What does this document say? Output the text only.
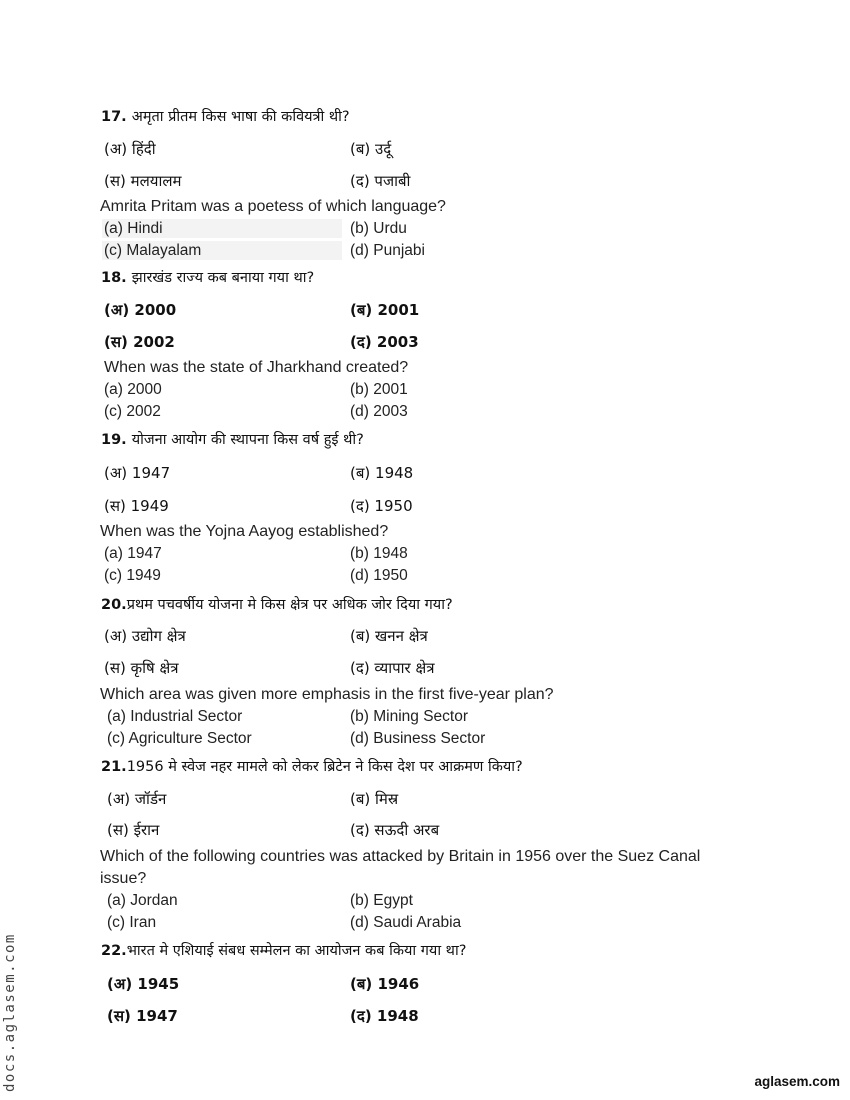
17. अमृता प्रीतम किस भाषा की कवियत्री थी?
(अ) हिंदी	(ब) उर्दू
(स) मलयालम	(द) पजाबी
Amrita Pritam was a poetess of which language?
(a) Hindi	(b) Urdu
(c) Malayalam	(d) Punjabi
18. झारखंड राज्य कब बनाया गया था?
(अ) 2000	(ब) 2001
(स) 2002	(द) 2003
When was the state of Jharkhand created?
(a) 2000	(b) 2001
(c) 2002	(d) 2003
19. योजना आयोग की स्थापना किस वर्ष हुई थी?
(अ) 1947	(ब) 1948
(स) 1949	(द) 1950
When was the Yojna Aayog established?
(a) 1947	(b) 1948
(c) 1949	(d) 1950
20.प्रथम पचवर्षीय योजना मे किस क्षेत्र पर अधिक जोर दिया गया?
(अ) उद्योग क्षेत्र	(ब) खनन क्षेत्र
(स) कृषि क्षेत्र	(द) व्यापार क्षेत्र
Which area was given more emphasis in the first five-year plan?
(a) Industrial Sector	(b) Mining Sector
(c) Agriculture Sector	(d) Business Sector
21.1956 मे स्वेज नहर मामले को लेकर ब्रिटेन ने किस देश पर आक्रमण किया?
(अ) जॉर्डन	(ब) मिस्र
(स) ईरान	(द) सऊदी अरब
Which of the following countries was attacked by Britain in 1956 over the Suez Canal
issue?
(a) Jordan	(b) Egypt
(c) Iran	(d) Saudi Arabia
22.भारत मे एशियाई संबध सम्मेलन का आयोजन कब किया गया था?
(अ) 1945	(ब) 1946
(स) 1947	(द) 1948
docs.aglasem.com	aglasem.com
